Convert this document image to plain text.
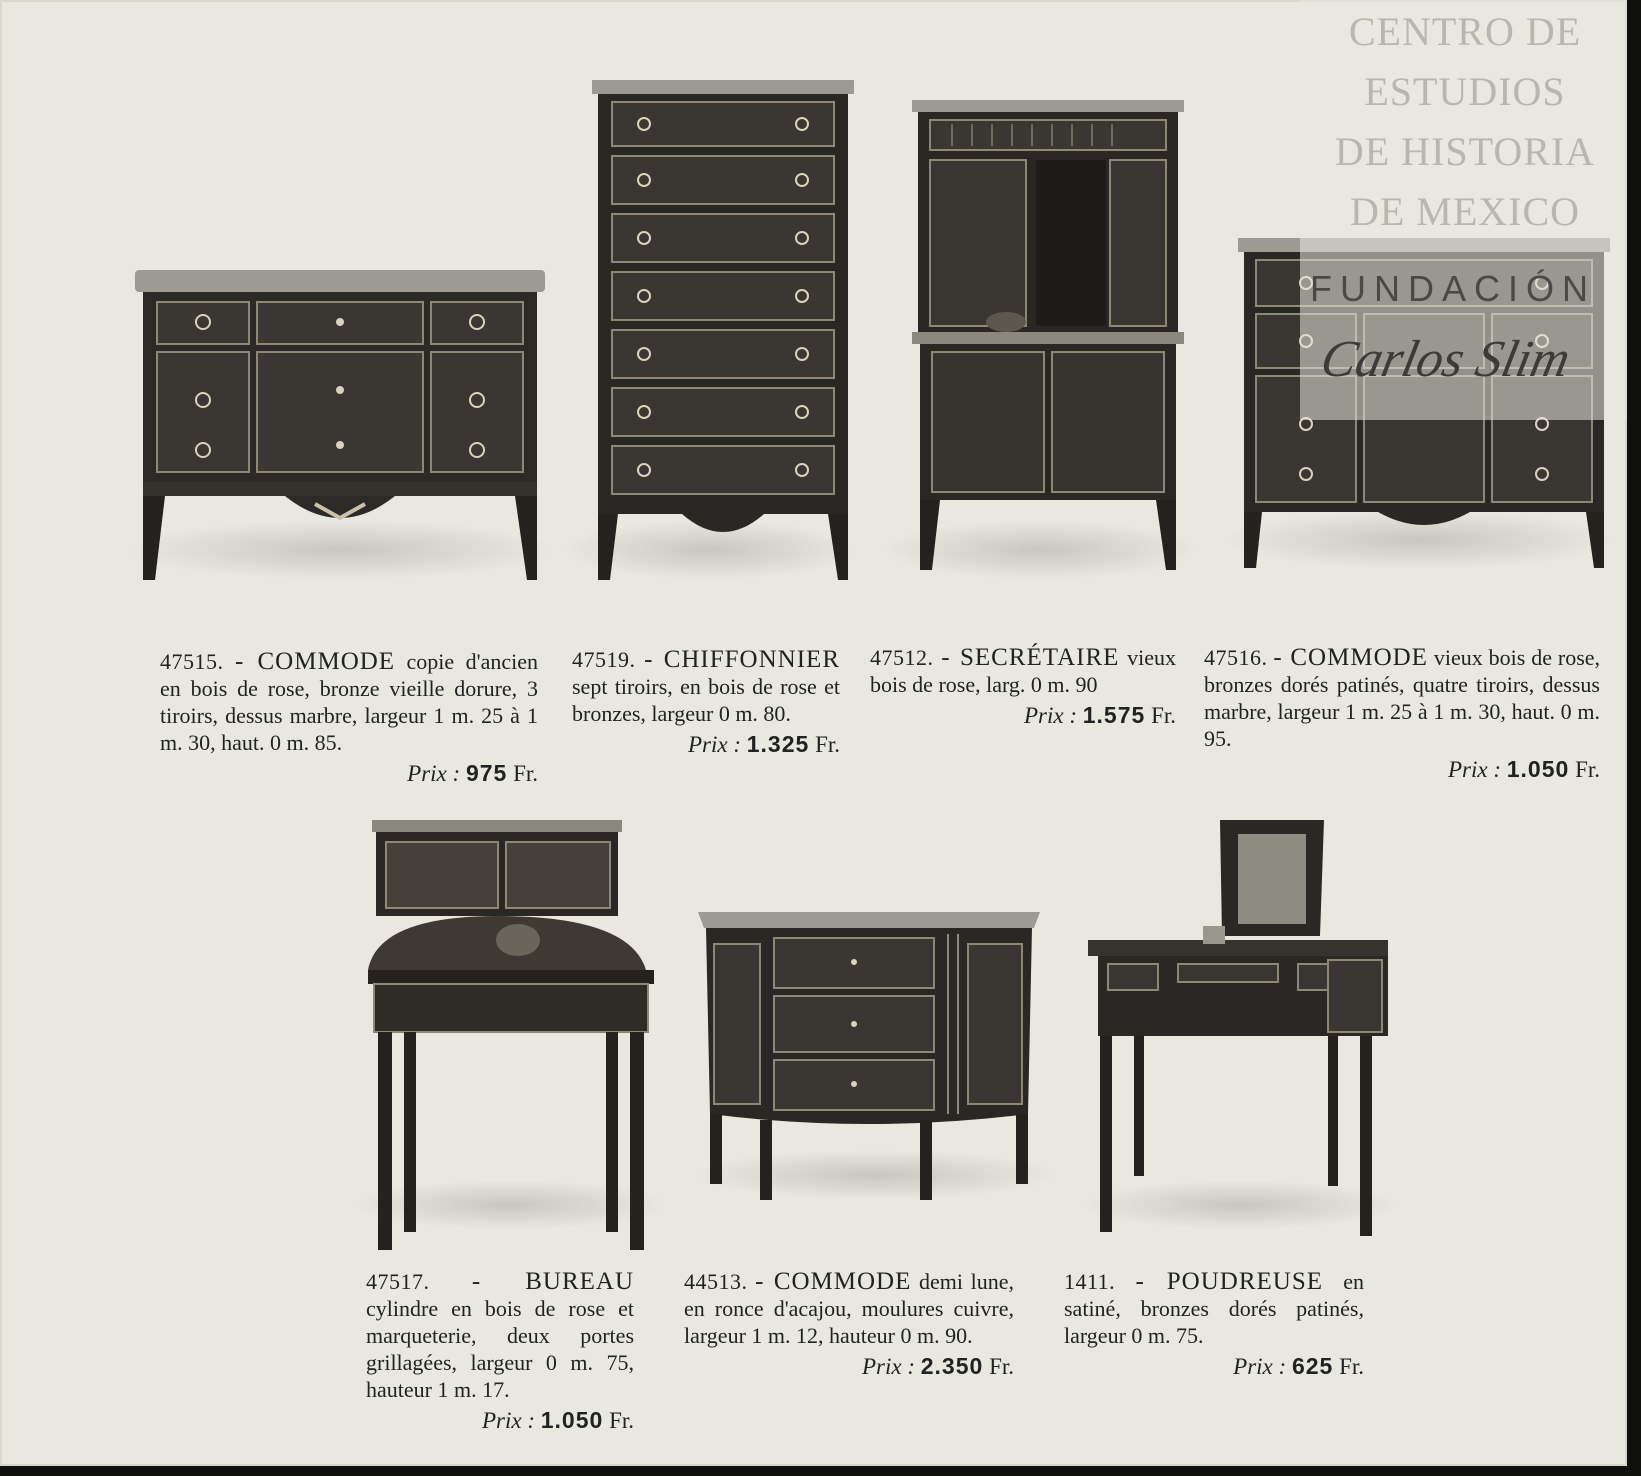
CENTRO DE
ESTUDIOS
DE HISTORIA
DE MEXICO
FUNDACIÓN
Carlos Slim

47515. - COMMODE copie d'ancien en bois de rose, bronze vieille dorure, 3 tiroirs, dessus marbre, largeur 1 m. 25 à 1 m. 30, haut. 0 m. 85.

Prix : 975 Fr.

47519. - CHIFFONNIER sept tiroirs, en bois de rose et bronzes, largeur 0 m. 80.

Prix : 1.325 Fr.

47512. - SECRÉTAIRE vieux bois de rose, larg. 0 m. 90

Prix : 1.575 Fr.

47516. - COMMODE vieux bois de rose, bronzes dorés patinés, quatre tiroirs, dessus marbre, largeur 1 m. 25 à 1 m. 30, haut. 0 m. 95.

Prix : 1.050 Fr.

47517. - BUREAU cylindre en bois de rose et marqueterie, deux portes grillagées, largeur 0 m. 75, hauteur 1 m. 17.

Prix : 1.050 Fr.

44513. - COMMODE demi lune, en ronce d'acajou, moulures cuivre, largeur 1 m. 12, hauteur 0 m. 90.

Prix : 2.350 Fr.

1411. - POUDREUSE en satiné, bronzes dorés patinés, largeur 0 m. 75.

Prix : 625 Fr.
